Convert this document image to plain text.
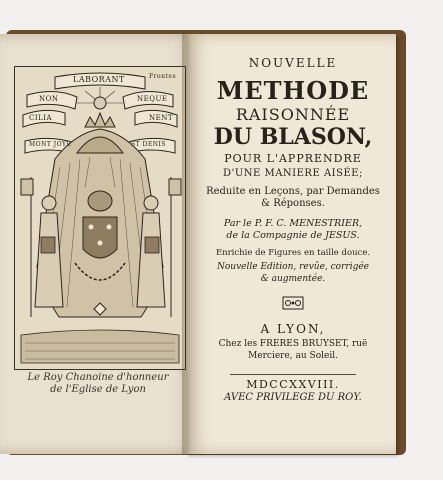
LABORANT	Frontes
NON	NEQUE
CILIA	NENT
MONT JOYE	ST DENIS
Le Roy Chanoine d'honneur
de l'Eglise de Lyon
NOUVELLE
METHODE
RAISONNÉE
DU BLASON,
POUR L'APPRENDRE
D'UNE MANIERE AISÉE;
Reduite en Leçons, par Demandes
& Réponses.
Par le P. F. C. MENESTRIER,
de la Compagnie de JESUS.
Enrichie de Figures en taille douce.
Nouvelle Edition, revûe, corrigée
& augmentée.
A LYON,
Chez les FRERES BRUYSET, ruë
Merciere, au Soleil.
MDCCXXVIII.
AVEC PRIVILEGE DU ROY.
